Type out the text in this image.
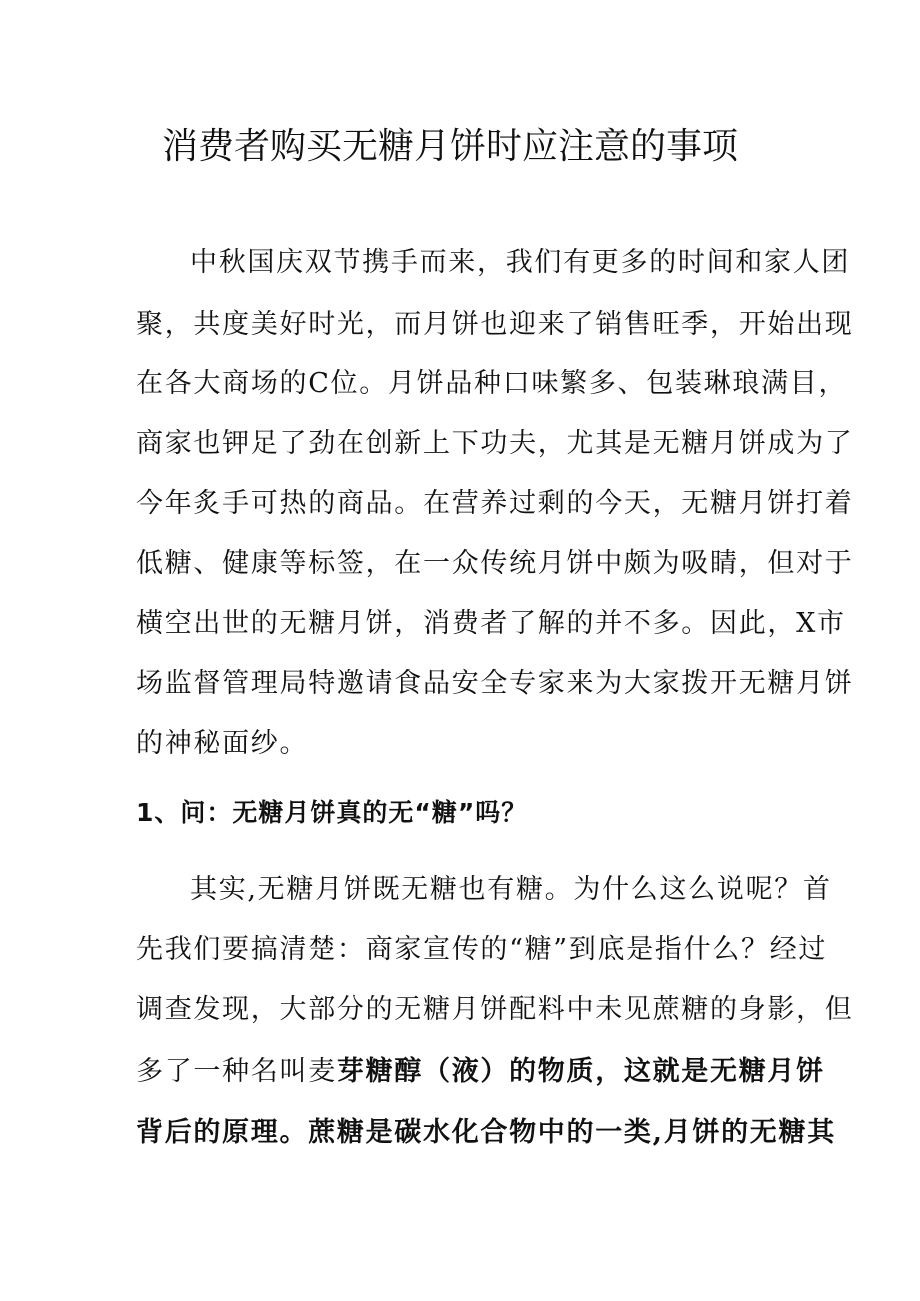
消费者购买无糖月饼时应注意的事项
中秋国庆双节携手而来，我们有更多的时间和家人团
聚，共度美好时光，而月饼也迎来了销售旺季，开始出现
在各大商场的C位。月饼品种口味繁多、包装琳琅满目，
商家也钾足了劲在创新上下功夫，尤其是无糖月饼成为了
今年炙手可热的商品。在营养过剩的今天，无糖月饼打着
低糖、健康等标签，在一众传统月饼中颇为吸睛，但对于
横空出世的无糖月饼，消费者了解的并不多。因此，X市
场监督管理局特邀请食品安全专家来为大家拨开无糖月饼
的神秘面纱。
1、问：无糖月饼真的无“糖”吗？
其实,无糖月饼既无糖也有糖。为什么这么说呢？首
先我们要搞清楚：商家宣传的“糖”到底是指什么？经过
调查发现，大部分的无糖月饼配料中未见蔗糖的身影，但
多了一种名叫麦芽糖醇（液）的物质，这就是无糖月饼
背后的原理。蔗糖是碳水化合物中的一类,月饼的无糖其
